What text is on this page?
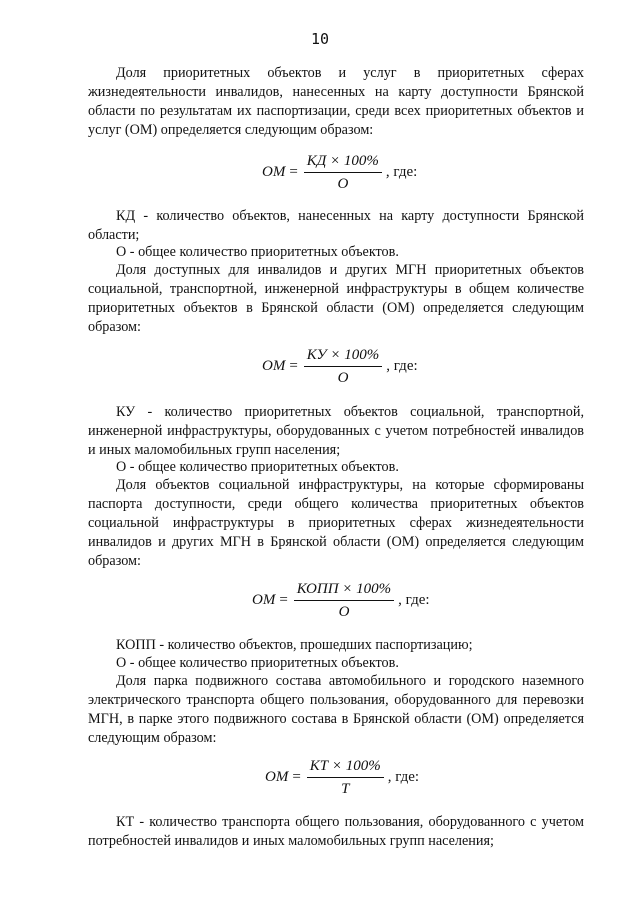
10
Доля приоритетных объектов и услуг в приоритетных сферах жизнедеятельности инвалидов, нанесенных на карту доступности Брянской области по результатам их паспортизации, среди всех приоритетных объектов и услуг (ОМ) определяется следующим образом:
ОМ = $\frac{КД \times 100\%}{О}$ , где:
КД - количество объектов, нанесенных на карту доступности Брянской области;
О - общее количество приоритетных объектов.
Доля доступных для инвалидов и других МГН приоритетных объектов социальной, транспортной, инженерной инфраструктуры в общем количестве приоритетных объектов в Брянской области (ОМ) определяется следующим образом:
ОМ = $\frac{КУ \times 100\%}{О}$ , где:
КУ - количество приоритетных объектов социальной, транспортной, инженерной инфраструктуры, оборудованных с учетом потребностей инвалидов и иных маломобильных групп населения;
О - общее количество приоритетных объектов.
Доля объектов социальной инфраструктуры, на которые сформированы паспорта доступности, среди общего количества приоритетных объектов социальной инфраструктуры в приоритетных сферах жизнедеятельности инвалидов и других МГН в Брянской области (ОМ) определяется следующим образом:
ОМ = $\frac{\text{КОПП × 100\%}}{О}$ , где:
КОПП - количество объектов, прошедших паспортизацию;
О - общее количество приоритетных объектов.
Доля парка подвижного состава автомобильного и городского наземного электрического транспорта общего пользования, оборудованного для перевозки МГН, в парке этого подвижного состава в Брянской области (ОМ) определяется следующим образом:
ОМ = $\frac{КТ \times 100\%}{Т}$ , где:
КТ - количество транспорта общего пользования, оборудованного с учетом потребностей инвалидов и иных маломобильных групп населения;
